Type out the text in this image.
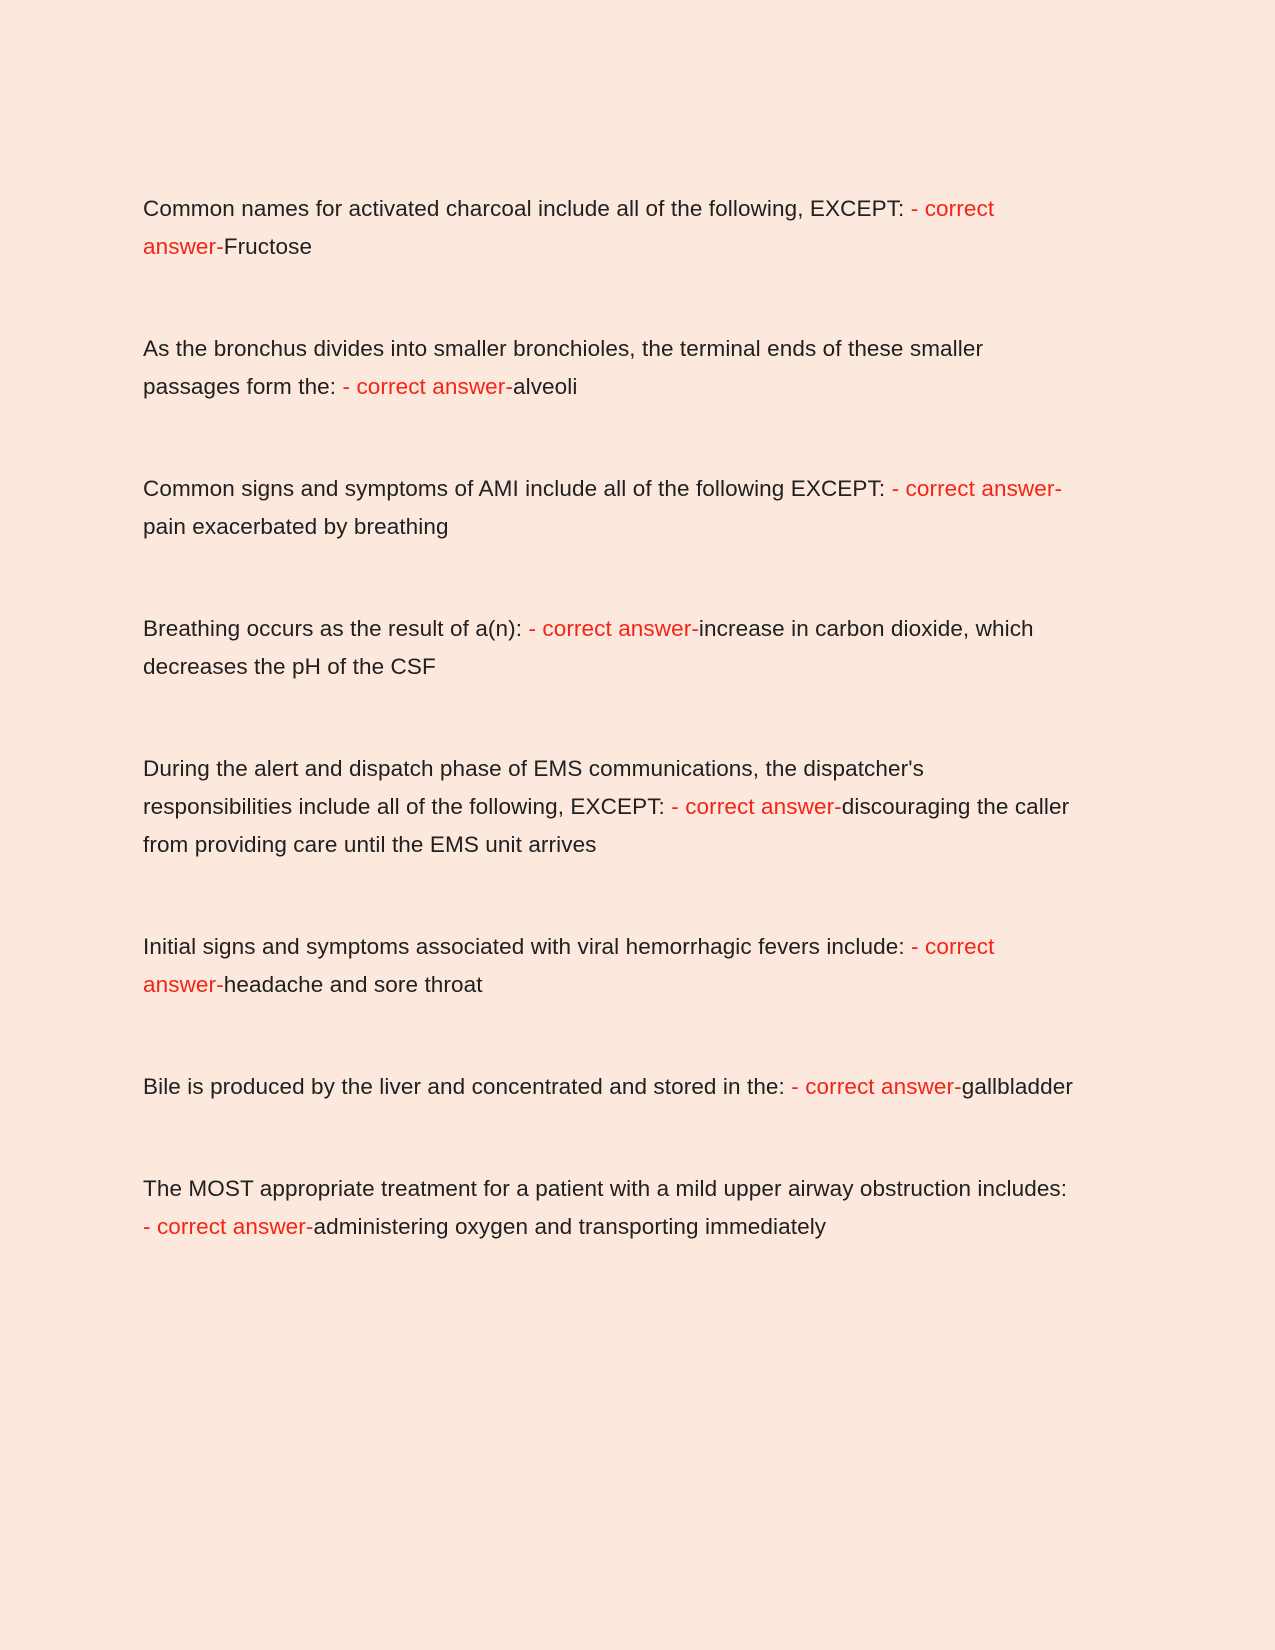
Common names for activated charcoal include all of the following, EXCEPT: - correct answer-Fructose

As the bronchus divides into smaller bronchioles, the terminal ends of these smaller passages form the: - correct answer-alveoli

Common signs and symptoms of AMI include all of the following EXCEPT: - correct answer-pain exacerbated by breathing

Breathing occurs as the result of a(n): - correct answer-increase in carbon dioxide, which decreases the pH of the CSF

During the alert and dispatch phase of EMS communications, the dispatcher's responsibilities include all of the following, EXCEPT: - correct answer-discouraging the caller from providing care until the EMS unit arrives

Initial signs and symptoms associated with viral hemorrhagic fevers include: - correct answer-headache and sore throat

Bile is produced by the liver and concentrated and stored in the: - correct answer-gallbladder

The MOST appropriate treatment for a patient with a mild upper airway obstruction includes: - correct answer-administering oxygen and transporting immediately
